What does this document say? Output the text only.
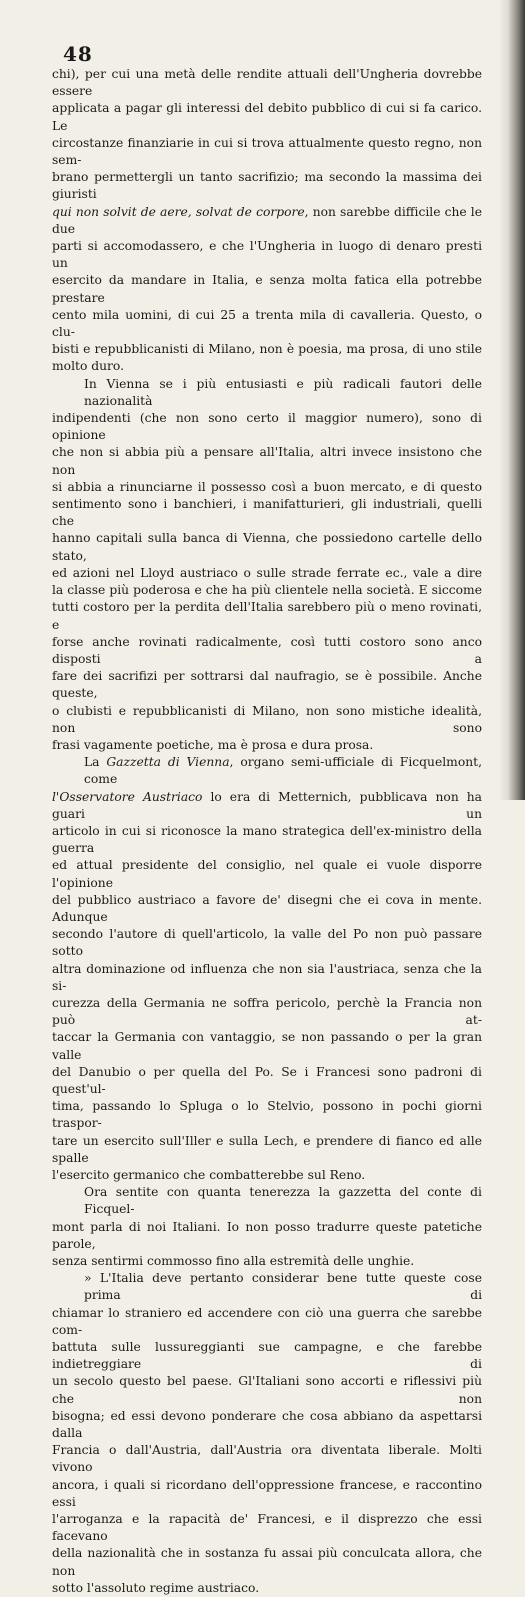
48

chi), per cui una metà delle rendite attuali dell'Ungheria dovrebbe essere
applicata a pagar gli interessi del debito pubblico di cui si fa carico. Le
circostanze finanziarie in cui si trova attualmente questo regno, non sem-
brano permettergli un tanto sacrifizio; ma secondo la massima dei giuristi
qui non solvit de aere, solvat de corpore, non sarebbe difficile che le due
parti si accomodassero, e che l'Ungheria in luogo di denaro presti un
esercito da mandare in Italia, e senza molta fatica ella potrebbe prestare
cento mila uomini, di cui 25 a trenta mila di cavalleria. Questo, o clu-
bisti e repubblicanisti di Milano, non è poesia, ma prosa, di uno stile
molto duro.

In Vienna se i più entusiasti e più radicali fautori delle nazionalità
indipendenti (che non sono certo il maggior numero), sono di opinione
che non si abbia più a pensare all'Italia, altri invece insistono che non
si abbia a rinunciarne il possesso così a buon mercato, e di questo
sentimento sono i banchieri, i manifatturieri, gli industriali, quelli che
hanno capitali sulla banca di Vienna, che possiedono cartelle dello stato,
ed azioni nel Lloyd austriaco o sulle strade ferrate ec., vale a dire
la classe più poderosa e che ha più clientele nella società. E siccome
tutti costoro per la perdita dell'Italia sarebbero più o meno rovinati, e
forse anche rovinati radicalmente, così tutti costoro sono anco disposti a
fare dei sacrifizi per sottrarsi dal naufragio, se è possibile. Anche queste,
o clubisti e repubblicanisti di Milano, non sono mistiche idealità, non sono
frasi vagamente poetiche, ma è prosa e dura prosa.

La Gazzetta di Vienna, organo semi-ufficiale di Ficquelmont, come
l'Osservatore Austriaco lo era di Metternich, pubblicava non ha guari un
articolo in cui si riconosce la mano strategica dell'ex-ministro della guerra
ed attual presidente del consiglio, nel quale ei vuole disporre l'opinione
del pubblico austriaco a favore de' disegni che ei cova in mente. Adunque
secondo l'autore di quell'articolo, la valle del Po non può passare sotto
altra dominazione od influenza che non sia l'austriaca, senza che la si-
curezza della Germania ne soffra pericolo, perchè la Francia non può at-
taccar la Germania con vantaggio, se non passando o per la gran valle
del Danubio o per quella del Po. Se i Francesi sono padroni di quest'ul-
tima, passando lo Spluga o lo Stelvio, possono in pochi giorni traspor-
tare un esercito sull'Iller e sulla Lech, e prendere di fianco ed alle spalle
l'esercito germanico che combatterebbe sul Reno.

Ora sentite con quanta tenerezza la gazzetta del conte di Ficquel-
mont parla di noi Italiani. Io non posso tradurre queste patetiche parole,
senza sentirmi commosso fino alla estremità delle unghie.

» L'Italia deve pertanto considerar bene tutte queste cose prima di
chiamar lo straniero ed accendere con ciò una guerra che sarebbe com-
battuta sulle lussureggianti sue campagne, e che farebbe indietreggiare di
un secolo questo bel paese. Gl'Italiani sono accorti e riflessivi più che non
bisogna; ed essi devono ponderare che cosa abbiano da aspettarsi dalla
Francia o dall'Austria, dall'Austria ora diventata liberale. Molti vivono
ancora, i quali si ricordano dell'oppressione francese, e raccontino essi
l'arroganza e la rapacità de' Francesi, e il disprezzo che essi facevano
della nazionalità che in sostanza fu assai più conculcata allora, che non
sotto l'assoluto regime austriaco.
